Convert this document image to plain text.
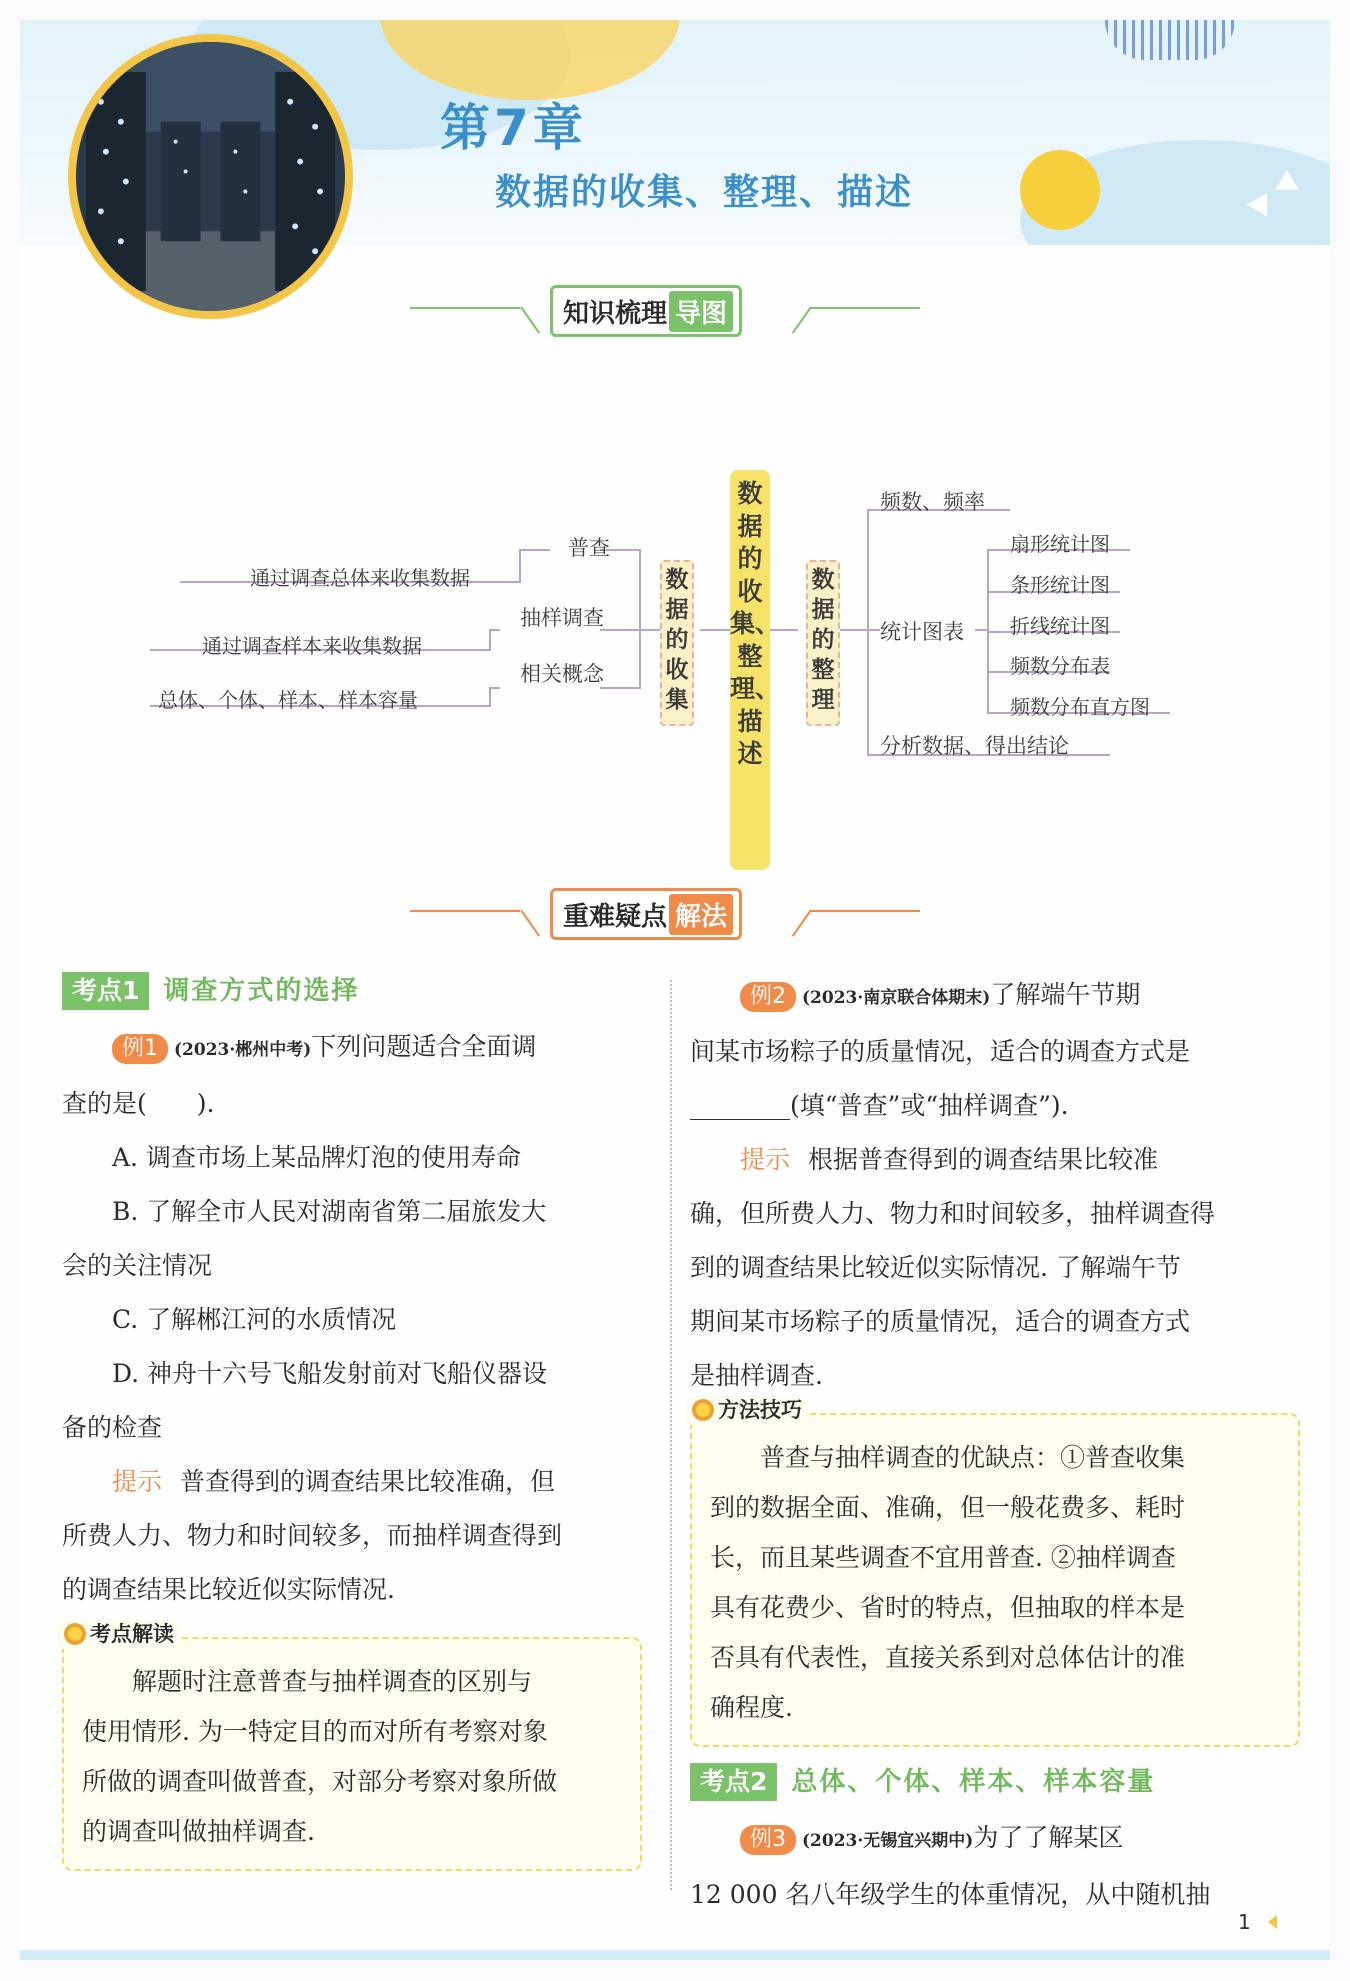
第7章
数据的收集、整理、描述
知识梳理 导图
数据的收集、整理、描述
数据的收集
数据的整理
普查
通过调查总体来收集数据
抽样调查
通过调查样本来收集数据
相关概念
总体、个体、样本、样本容量
频数、频率
统计图表
扇形统计图
条形统计图
折线统计图
频数分布表
频数分布直方图
分析数据、得出结论
重难疑点 解法
考点1 调查方式的选择

例1 (2023·郴州中考)下列问题适合全面调

查的是(　　).

A. 调查市场上某品牌灯泡的使用寿命

B. 了解全市人民对湖南省第二届旅发大

会的关注情况

C. 了解郴江河的水质情况

D. 神舟十六号飞船发射前对飞船仪器设

备的检查

提示 普查得到的调查结果比较准确，但

所费人力、物力和时间较多，而抽样调查得到

的调查结果比较近似实际情况.

考点解读
解题时注意普查与抽样调查的区别与
使用情形. 为一特定目的而对所有考察对象
所做的调查叫做普查，对部分考察对象所做
的调查叫做抽样调查.

例2 (2023·南京联合体期末)了解端午节期

间某市场粽子的质量情况，适合的调查方式是

________(填“普查”或“抽样调查”).

提示 根据普查得到的调查结果比较准

确，但所费人力、物力和时间较多，抽样调查得

到的调查结果比较近似实际情况. 了解端午节

期间某市场粽子的质量情况，适合的调查方式

是抽样调查.

方法技巧
普查与抽样调查的优缺点：①普查收集
到的数据全面、准确，但一般花费多、耗时
长，而且某些调查不宜用普查. ②抽样调查
具有花费少、省时的特点，但抽取的样本是
否具有代表性，直接关系到对总体估计的准
确程度.
考点2 总体、个体、样本、样本容量

例3 (2023·无锡宜兴期中)为了了解某区

12 000 名八年级学生的体重情况，从中随机抽

1
